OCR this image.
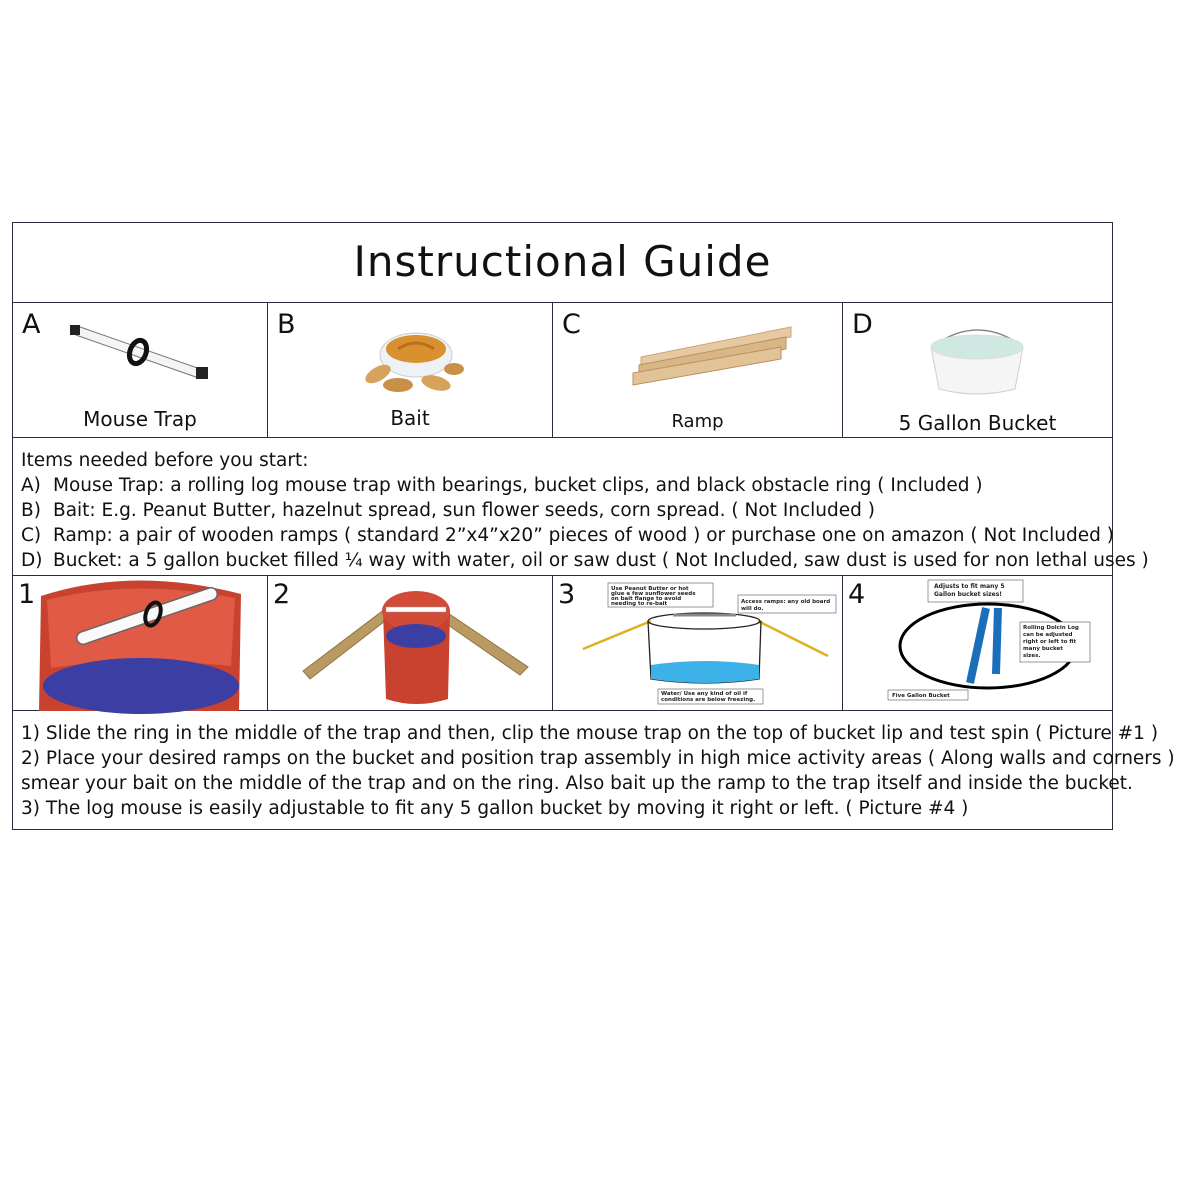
Instructional Guide
A
Mouse Trap
B
Bait
C
Ramp
D
5 Gallon Bucket
Items needed before you start:
A) Mouse Trap: a rolling log mouse trap with bearings, bucket clips, and black obstacle ring ( Included )
B) Bait: E.g. Peanut Butter, hazelnut spread, sun flower seeds, corn spread. ( Not Included )
C) Ramp: a pair of wooden ramps ( standard 2”x4”x20” pieces of wood ) or purchase one on amazon ( Not Included )
D) Bucket: a 5 gallon bucket filled ¼ way with water, oil or saw dust ( Not Included, saw dust is used for non lethal uses )
1	2	3	Use Peanut Butter or hot
glue a few sunflower seeds
on bait flange to avoid
needing to re-bait	Access ramps: any old board
will do.
Water/ Use any kind of oil if
conditions are below freezing.
4	Adjusts to fit many 5
Gallon bucket sizes!
Rolling Dolcin Log
can be adjusted
right or left to fit
many bucket
sizes.
Five Gallon Bucket
1) Slide the ring in the middle of the trap and then, clip the mouse trap on the top of bucket lip and test spin ( Picture #1 )
2) Place your desired ramps on the bucket and position trap assembly in high mice activity areas ( Along walls and corners )
smear your bait on the middle of the trap and on the ring. Also bait up the ramp to the trap itself and inside the bucket.
3) The log mouse is easily adjustable to fit any 5 gallon bucket by moving it right or left. ( Picture #4 )
